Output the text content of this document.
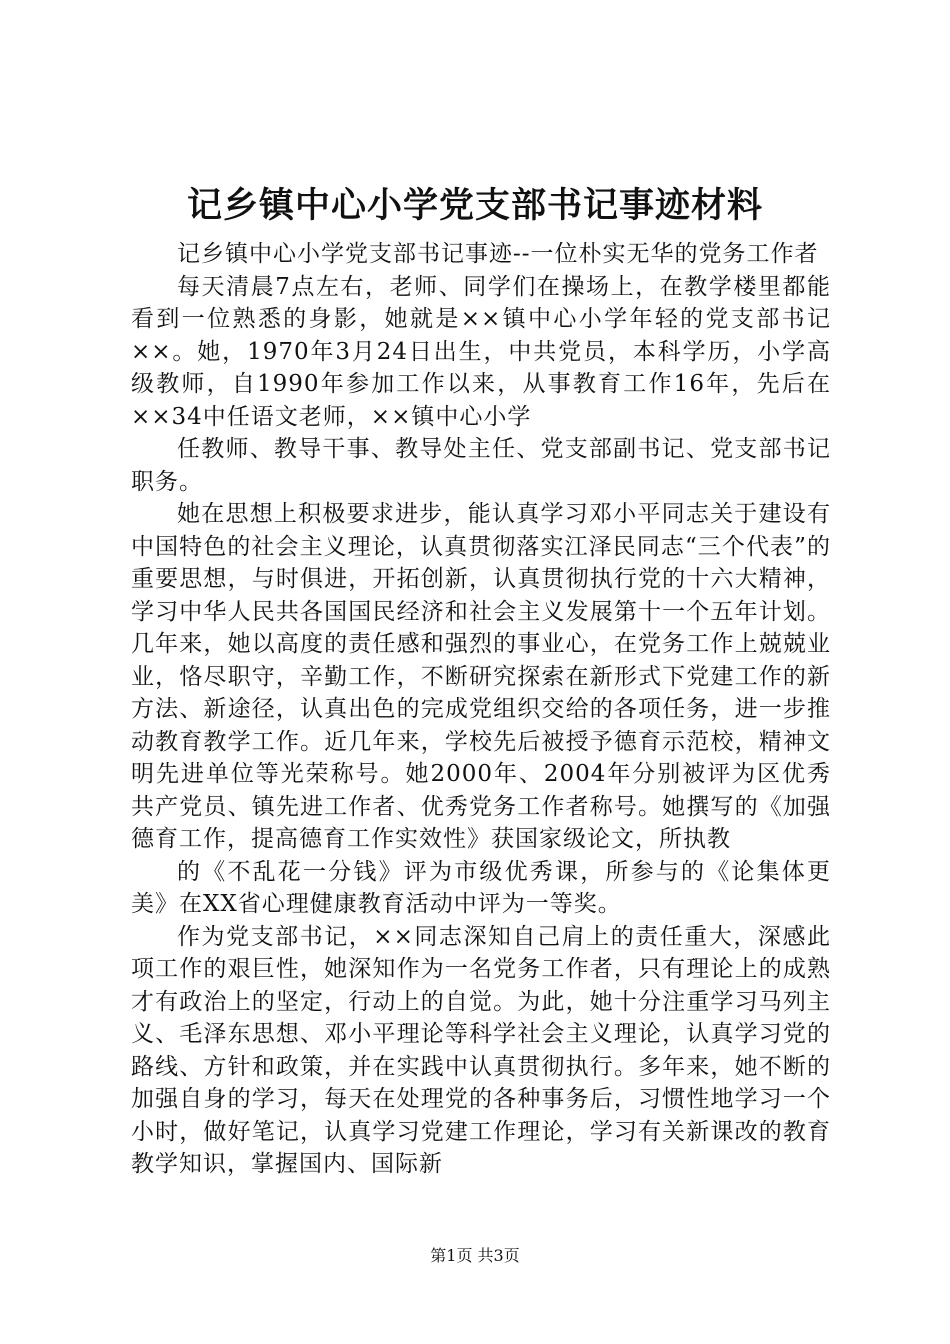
记乡镇中心小学党支部书记事迹材料

记乡镇中心小学党支部书记事迹--一位朴实无华的党务工作者

每天清晨7点左右，老师、同学们在操场上，在教学楼里都能看到一位熟悉的身影，她就是××镇中心小学年轻的党支部书记××。她，1970年3月24日出生，中共党员，本科学历，小学高级教师，自1990年参加工作以来，从事教育工作16年，先后在××34中任语文老师，××镇中心小学

任教师、教导干事、教导处主任、党支部副书记、党支部书记职务。

她在思想上积极要求进步，能认真学习邓小平同志关于建设有中国特色的社会主义理论，认真贯彻落实江泽民同志“三个代表”的重要思想，与时俱进，开拓创新，认真贯彻执行党的十六大精神，学习中华人民共各国国民经济和社会主义发展第十一个五年计划。几年来，她以高度的责任感和强烈的事业心，在党务工作上兢兢业业，恪尽职守，辛勤工作，不断研究探索在新形式下党建工作的新方法、新途径，认真出色的完成党组织交给的各项任务，进一步推动教育教学工作。近几年来，学校先后被授予德育示范校，精神文明先进单位等光荣称号。她2000年、2004年分别被评为区优秀共产党员、镇先进工作者、优秀党务工作者称号。她撰写的《加强德育工作，提高德育工作实效性》获国家级论文，所执教

的《不乱花一分钱》评为市级优秀课，所参与的《论集体更美》在XX省心理健康教育活动中评为一等奖。

作为党支部书记，××同志深知自己肩上的责任重大，深感此项工作的艰巨性，她深知作为一名党务工作者，只有理论上的成熟才有政治上的坚定，行动上的自觉。为此，她十分注重学习马列主义、毛泽东思想、邓小平理论等科学社会主义理论，认真学习党的路线、方针和政策，并在实践中认真贯彻执行。多年来，她不断的加强自身的学习，每天在处理党的各种事务后，习惯性地学习一个小时，做好笔记，认真学习党建工作理论，学习有关新课改的教育教学知识，掌握国内、国际新

第1页 共3页
